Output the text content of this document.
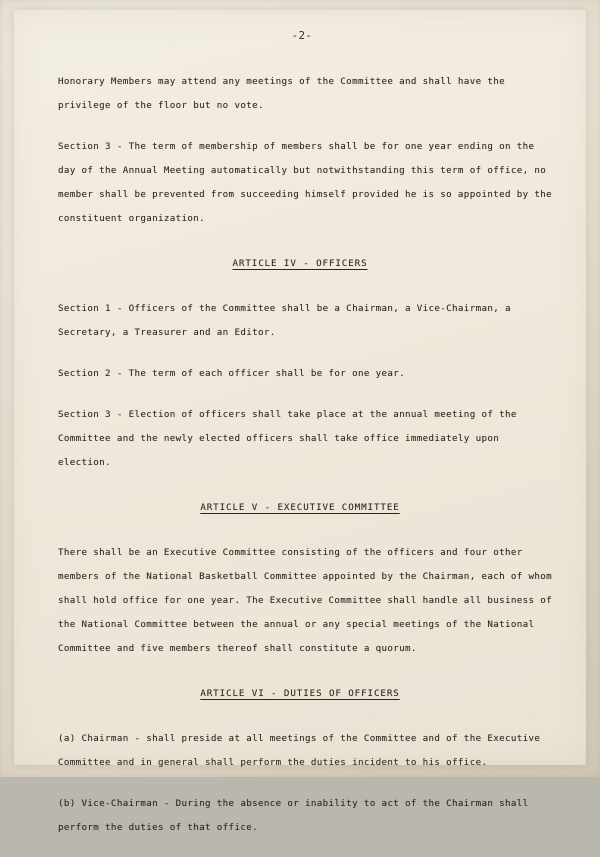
-2-

Honorary Members may attend any meetings of the Committee and shall have the privilege of the floor but no vote.

Section 3 - The term of membership of members shall be for one year ending on the day of the Annual Meeting automatically but notwithstanding this term of office, no member shall be prevented from succeeding himself provided he is so appointed by the constituent organization.

ARTICLE IV - OFFICERS

Section 1 - Officers of the Committee shall be a Chairman, a Vice-Chairman, a Secretary, a Treasurer and an Editor.

Section 2 - The term of each officer shall be for one year.

Section 3 - Election of officers shall take place at the annual meeting of the Committee and the newly elected officers shall take office immediately upon election.

ARTICLE V - EXECUTIVE COMMITTEE

There shall be an Executive Committee consisting of the officers and four other members of the National Basketball Committee appointed by the Chairman, each of whom shall hold office for one year. The Executive Committee shall handle all business of the National Committee between the annual or any special meetings of the National Committee and five members thereof shall constitute a quorum.

ARTICLE VI - DUTIES OF OFFICERS

(a) Chairman - shall preside at all meetings of the Committee and of the Executive Committee and in general shall perform the duties incident to his office.

(b) Vice-Chairman - During the absence or inability to act of the Chairman shall perform the duties of that office.
